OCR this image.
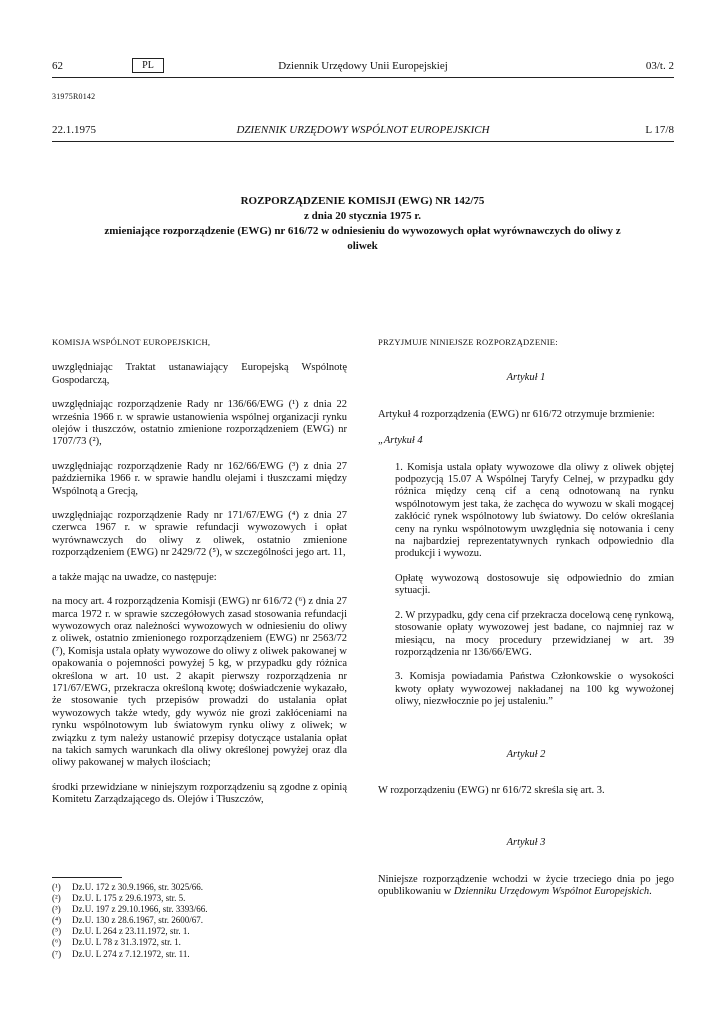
62	PL	Dziennik Urzędowy Unii Europejskiej	03/t. 2
31975R0142
22.1.1975	DZIENNIK URZĘDOWY WSPÓLNOT EUROPEJSKICH	L 17/8
ROZPORZĄDZENIE KOMISJI (EWG) NR 142/75
z dnia 20 stycznia 1975 r.
zmieniające rozporządzenie (EWG) nr 616/72 w odniesieniu do wywozowych opłat wyrównawczych do oliwy z oliwek

KOMISJA WSPÓLNOT EUROPEJSKICH,

uwzględniając Traktat ustanawiający Europejską Wspólnotę Gospodarczą,

uwzględniając rozporządzenie Rady nr 136/66/EWG (¹) z dnia 22 września 1966 r. w sprawie ustanowienia wspólnej organizacji rynku olejów i tłuszczów, ostatnio zmienione rozporządzeniem (EWG) nr 1707/73 (²),

uwzględniając rozporządzenie Rady nr 162/66/EWG (³) z dnia 27 października 1966 r. w sprawie handlu olejami i tłuszczami między Wspólnotą a Grecją,

uwzględniając rozporządzenie Rady nr 171/67/EWG (⁴) z dnia 27 czerwca 1967 r. w sprawie refundacji wywozowych i opłat wyrównawczych do oliwy z oliwek, ostatnio zmienione rozporządzeniem (EWG) nr 2429/72 (⁵), w szczególności jego art. 11,

a także mając na uwadze, co następuje:

na mocy art. 4 rozporządzenia Komisji (EWG) nr 616/72 (⁶) z dnia 27 marca 1972 r. w sprawie szczegółowych zasad stosowania refundacji wywozowych oraz należności wywozowych w odniesieniu do oliwy z oliwek, ostatnio zmienionego rozporządzeniem (EWG) nr 2563/72 (⁷), Komisja ustala opłaty wywozowe do oliwy z oliwek pakowanej w opakowania o pojemności powyżej 5 kg, w przypadku gdy różnica określona w art. 10 ust. 2 akapit pierwszy rozporządzenia nr 171/67/EWG, przekracza określoną kwotę; doświadczenie wykazało, że stosowanie tych przepisów prowadzi do ustalania opłat wywozowych także wtedy, gdy wywóz nie grozi zakłóceniami na rynku wspólnotowym lub światowym rynku oliwy z oliwek; w związku z tym należy ustanowić przepisy dotyczące ustalania opłat na takich samych warunkach dla oliwy określonej powyżej oraz dla oliwy pakowanej w małych ilościach;

środki przewidziane w niniejszym rozporządzeniu są zgodne z opinią Komitetu Zarządzającego ds. Olejów i Tłuszczów,

PRZYJMUJE NINIEJSZE ROZPORZĄDZENIE:

Artykuł 1

Artykuł 4 rozporządzenia (EWG) nr 616/72 otrzymuje brzmienie:

„Artykuł 4

1. Komisja ustala opłaty wywozowe dla oliwy z oliwek objętej podpozycją 15.07 A Wspólnej Taryfy Celnej, w przypadku gdy różnica między ceną cif a ceną odnotowaną na rynku wspólnotowym jest taka, że zachęca do wywozu w skali mogącej zakłócić rynek wspólnotowy lub światowy. Do celów określania ceny na rynku wspólnotowym uwzględnia się notowania i ceny na najbardziej reprezentatywnych rynkach odpowiednio dla produkcji i wywozu.

Opłatę wywozową dostosowuje się odpowiednio do zmian sytuacji.

2. W przypadku, gdy cena cif przekracza docelową cenę rynkową, stosowanie opłaty wywozowej jest badane, co najmniej raz w miesiącu, na mocy procedury przewidzianej w art. 39 rozporządzenia nr 136/66/EWG.

3. Komisja powiadamia Państwa Członkowskie o wysokości kwoty opłaty wywozowej nakładanej na 100 kg wywożonej oliwy, niezwłocznie po jej ustaleniu.”

Artykuł 2

W rozporządzeniu (EWG) nr 616/72 skreśla się art. 3.

Artykuł 3

Niniejsze rozporządzenie wchodzi w życie trzeciego dnia po jego opublikowaniu w Dzienniku Urzędowym Wspólnot Europejskich.

(¹)	Dz.U. 172 z 30.9.1966, str. 3025/66.
(²)	Dz.U. L 175 z 29.6.1973, str. 5.
(³)	Dz.U. 197 z 29.10.1966, str. 3393/66.
(⁴)	Dz.U. 130 z 28.6.1967, str. 2600/67.
(⁵)	Dz.U. L 264 z 23.11.1972, str. 1.
(⁶)	Dz.U. L 78 z 31.3.1972, str. 1.
(⁷)	Dz.U. L 274 z 7.12.1972, str. 11.
